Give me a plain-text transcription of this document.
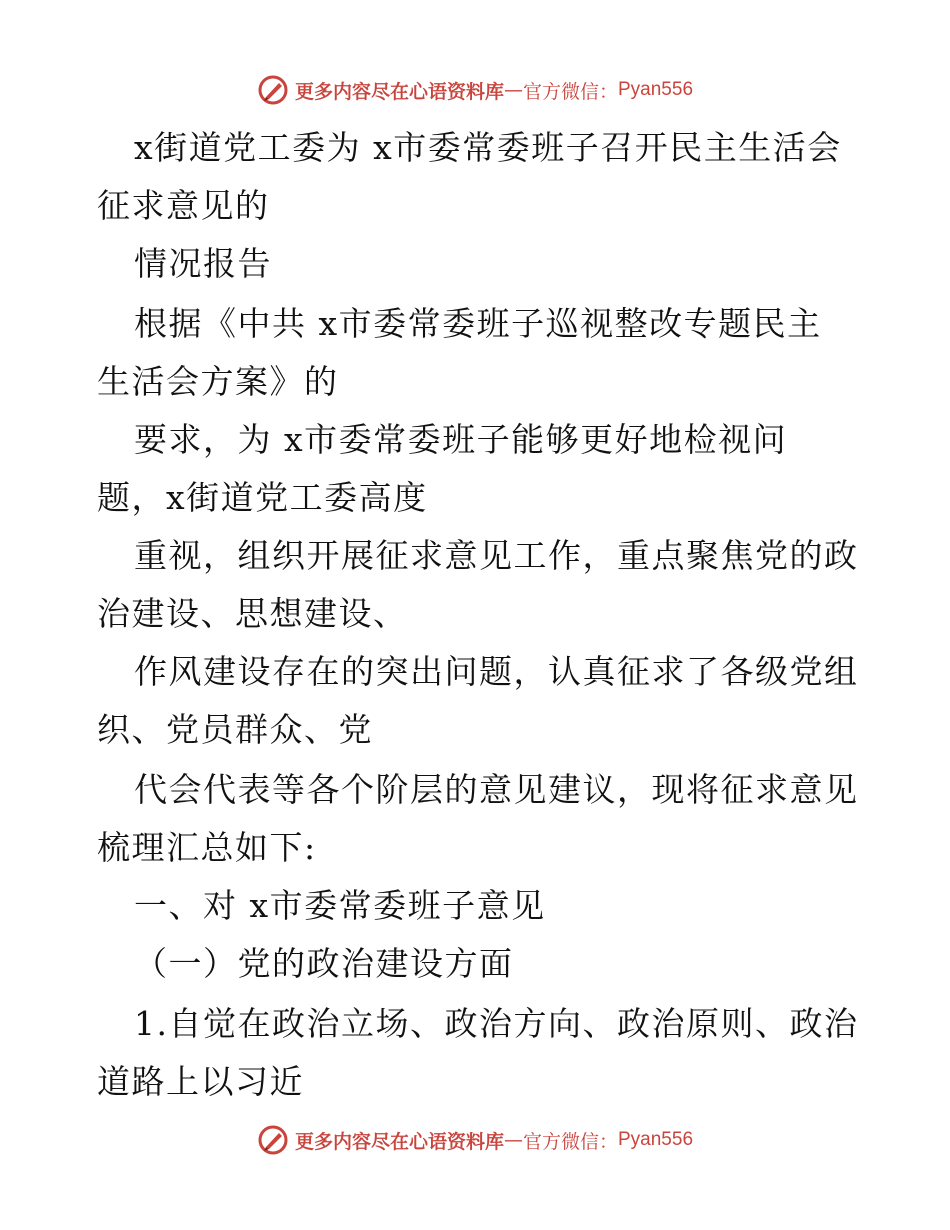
更多内容尽在心语资料库 — 官方微信： Pyan556
x街道党工委为 x市委常委班子召开民主生活会
征求意见的
情况报告
根据《中共 x市委常委班子巡视整改专题民主
生活会方案》的
要求，为 x市委常委班子能够更好地检视问
题，x街道党工委高度
重视，组织开展征求意见工作，重点聚焦党的政
治建设、思想建设、
作风建设存在的突出问题，认真征求了各级党组
织、党员群众、党
代会代表等各个阶层的意见建议，现将征求意见
梳理汇总如下:
一、对 x市委常委班子意见
（一）党的政治建设方面
1.自觉在政治立场、政治方向、政治原则、政治
道路上以习近
更多内容尽在心语资料库 — 官方微信： Pyan556
